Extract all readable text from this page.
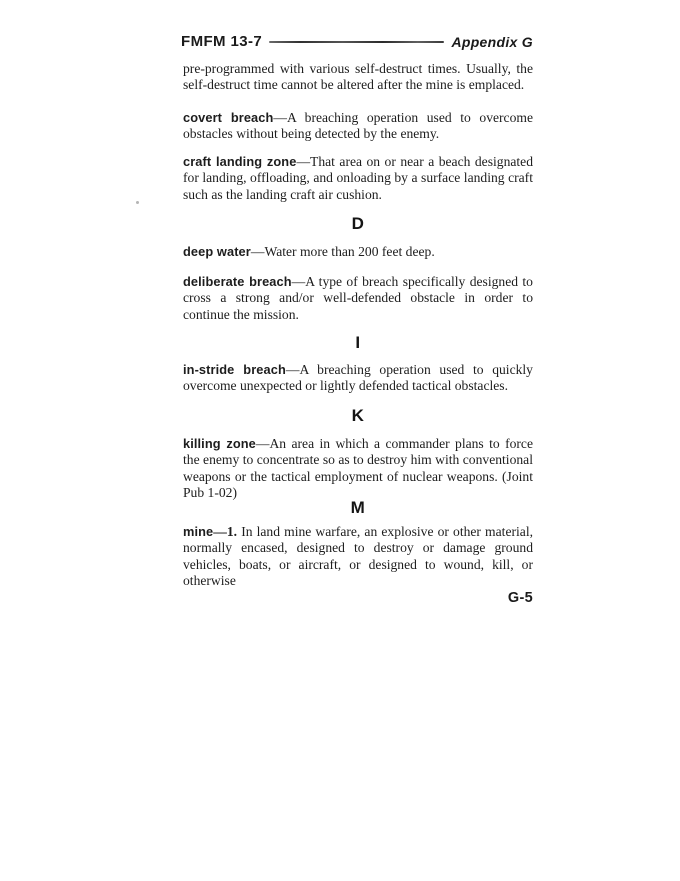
FMFM 13-7	Appendix G

pre-programmed with various self-destruct times. Usually, the self-destruct time cannot be altered after the mine is emplaced.

covert breach—A breaching operation used to overcome obstacles without being detected by the enemy.

craft landing zone—That area on or near a beach designated for landing, offloading, and onloading by a surface landing craft such as the landing craft air cushion.

D

deep water—Water more than 200 feet deep.

deliberate breach—A type of breach specifically designed to cross a strong and/or well-defended obstacle in order to continue the mission.

I

in-stride breach—A breaching operation used to quickly overcome unexpected or lightly defended tactical obstacles.

K

killing zone—An area in which a commander plans to force the enemy to concentrate so as to destroy him with conventional weapons or the tactical employment of nuclear weapons. (Joint Pub 1-02)

M

mine—1. In land mine warfare, an explosive or other material, normally encased, designed to destroy or damage ground vehicles, boats, or aircraft, or designed to wound, kill, or otherwise

G-5
